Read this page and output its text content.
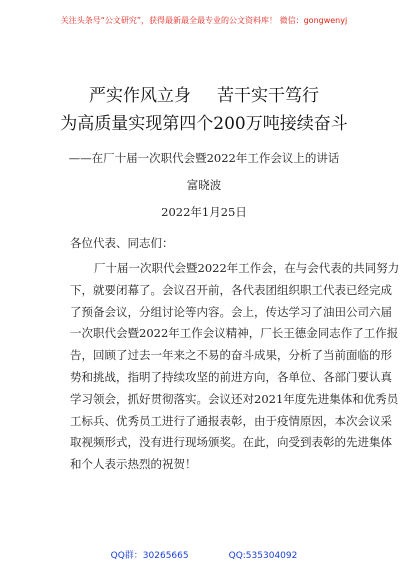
关注头条号“公文研究”，获得最新最全最专业的公文资料库！ 微信：gongwenyj
严实作风立身 苦干实干笃行
为高质量实现第四个200万吨接续奋斗
——在厂十届一次职代会暨2022年工作会议上的讲话
富晓波
2022年1月25日
各位代表、同志们：
厂十届一次职代会暨2022年工作会，在与会代表的共同努力
下，就要闭幕了。会议召开前，各代表团组织职工代表已经完成
了预备会议，分组讨论等内容。会上，传达学习了油田公司六届
一次职代会暨2022年工作会议精神，厂长王德金同志作了工作报
告，回顾了过去一年来之不易的奋斗成果，分析了当前面临的形
势和挑战，指明了持续攻坚的前进方向，各单位、各部门要认真
学习领会，抓好贯彻落实。会议还对2021年度先进集体和优秀员
工标兵、优秀员工进行了通报表彰，由于疫情原因，本次会议采
取视频形式，没有进行现场颁奖。在此，向受到表彰的先进集体
和个人表示热烈的祝贺！
QQ群：30265665	QQ:535304092
